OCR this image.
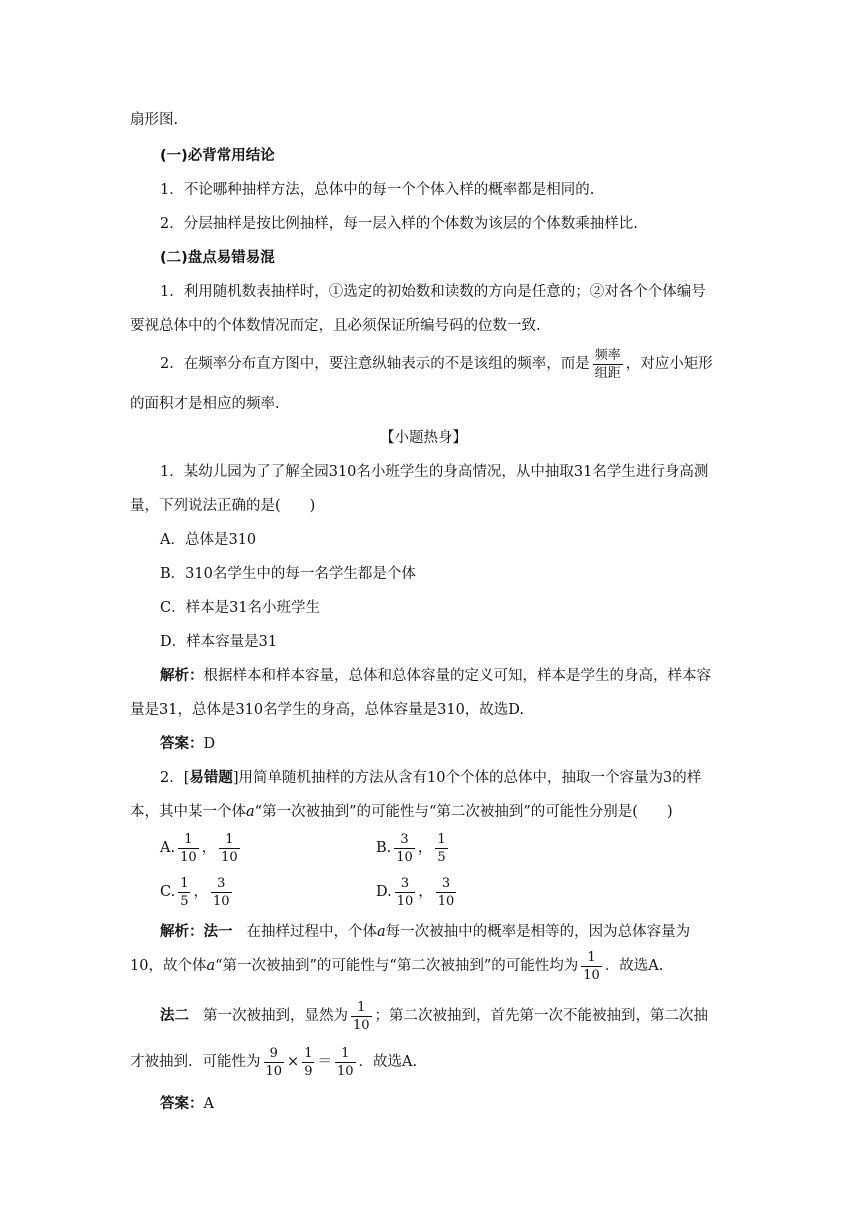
扇形图.
(一)必背常用结论
1．不论哪种抽样方法，总体中的每一个个体入样的概率都是相同的.
2．分层抽样是按比例抽样，每一层入样的个体数为该层的个体数乘抽样比.
(二)盘点易错易混
1．利用随机数表抽样时，①选定的初始数和读数的方向是任意的；②对各个个体编号
要视总体中的个体数情况而定，且必须保证所编号码的位数一致.
2．在频率分布直方图中，要注意纵轴表示的不是该组的频率，而是 $\frac{\text{频率}}{\text{组距}}$ ，对应小矩形
的面积才是相应的频率.
【小题热身】
1．某幼儿园为了了解全园310名小班学生的身高情况，从中抽取31名学生进行身高测
量，下列说法正确的是(　　)
A．总体是310
B．310名学生中的每一名学生都是个体
C．样本是31名小班学生
D．样本容量是31
解析：根据样本和样本容量，总体和总体容量的定义可知，样本是学生的身高，样本容
量是31，总体是310名学生的身高，总体容量是310，故选D.
答案：D
2．[易错题]用简单随机抽样的方法从含有10个个体的总体中，抽取一个容量为3的样
本，其中某一个体a“第一次被抽到”的可能性与“第二次被抽到”的可能性分别是(　　)
A. $\frac{1}{10}$ ， $\frac{1}{10}$	B. $\frac{3}{10}$ ， $\frac{1}{5}$
C. $\frac{1}{5}$ ， $\frac{3}{10}$	D. $\frac{3}{10}$ ， $\frac{3}{10}$
解析：法一 在抽样过程中，个体a每一次被抽中的概率是相等的，因为总体容量为
10，故个体 a “第一次被抽到”的可能性与“第二次被抽到”的可能性均为 $\frac{1}{10}$ ．故选A.
法二 第一次被抽到，显然为 $\frac{1}{10}$ ；第二次被抽到，首先第一次不能被抽到，第二次抽
才被抽到．可能性为 $\frac{9}{10} \times \frac{1}{9} = \frac{1}{10}$ ．故选A.
答案：A
